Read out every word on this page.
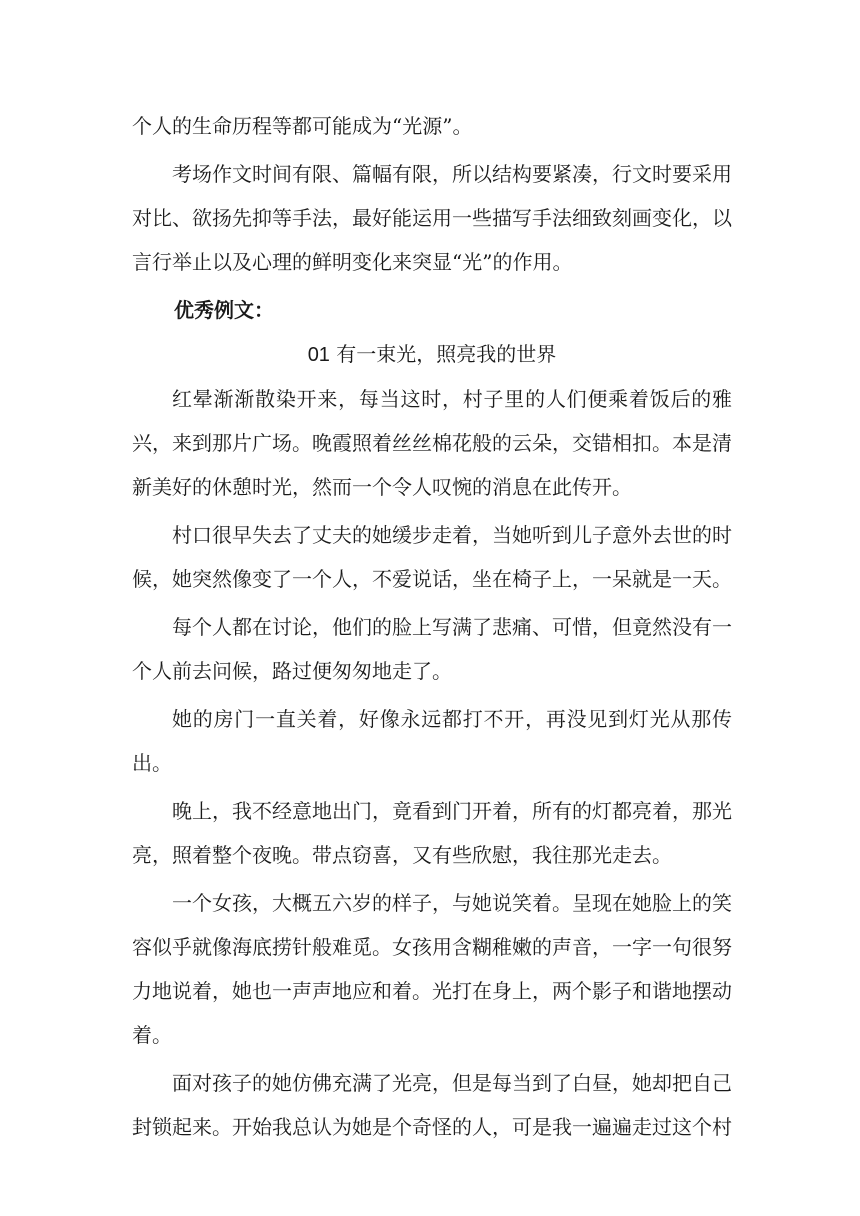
个人的生命历程等都可能成为“光源”。

考场作文时间有限、篇幅有限，所以结构要紧凑，行文时要采用对比、欲扬先抑等手法，最好能运用一些描写手法细致刻画变化，以言行举止以及心理的鲜明变化来突显“光”的作用。

优秀例文：

01 有一束光，照亮我的世界

红晕渐渐散染开来，每当这时，村子里的人们便乘着饭后的雅兴，来到那片广场。晚霞照着丝丝棉花般的云朵，交错相扣。本是清新美好的休憩时光，然而一个令人叹惋的消息在此传开。

村口很早失去了丈夫的她缓步走着，当她听到儿子意外去世的时候，她突然像变了一个人，不爱说话，坐在椅子上，一呆就是一天。

每个人都在讨论，他们的脸上写满了悲痛、可惜，但竟然没有一个人前去问候，路过便匆匆地走了。

她的房门一直关着，好像永远都打不开，再没见到灯光从那传出。

晚上，我不经意地出门，竟看到门开着，所有的灯都亮着，那光亮，照着整个夜晚。带点窃喜，又有些欣慰，我往那光走去。

一个女孩，大概五六岁的样子，与她说笑着。呈现在她脸上的笑容似乎就像海底捞针般难觅。女孩用含糊稚嫩的声音，一字一句很努力地说着，她也一声声地应和着。光打在身上，两个影子和谐地摆动着。

面对孩子的她仿佛充满了光亮，但是每当到了白昼，她却把自己封锁起来。开始我总认为她是个奇怪的人，可是我一遍遍走过这个村
